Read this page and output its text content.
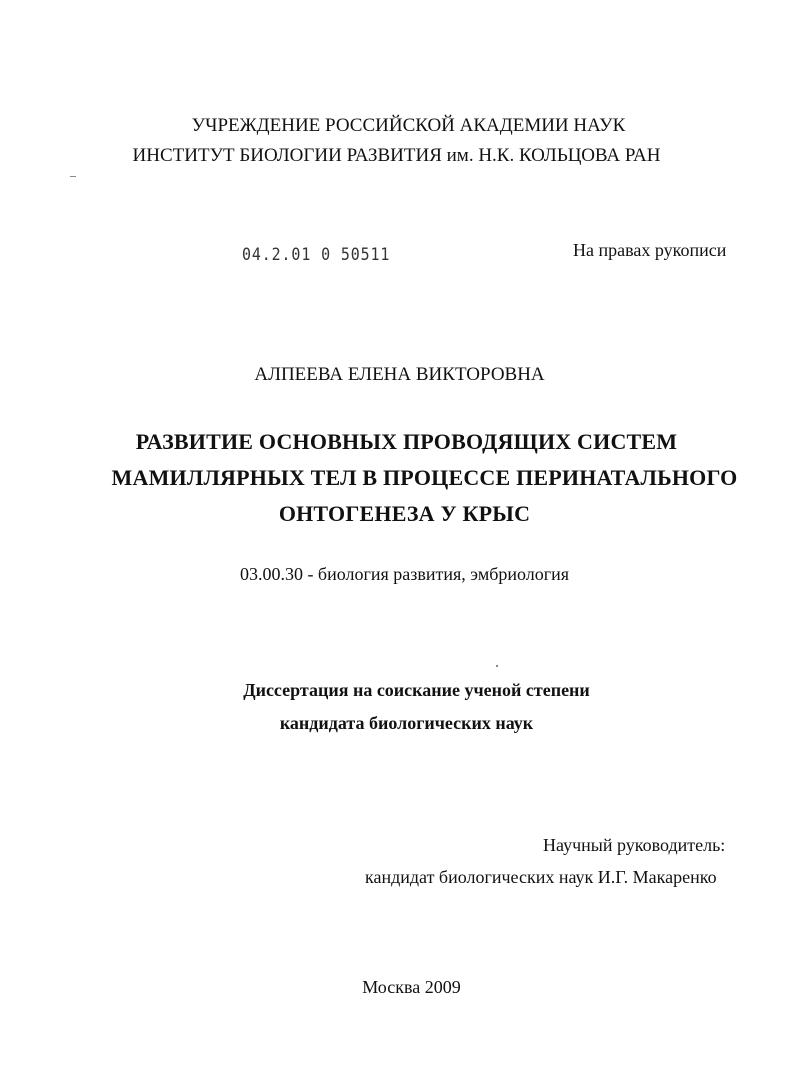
УЧРЕЖДЕНИЕ РОССИЙСКОЙ АКАДЕМИИ НАУК
ИНСТИТУТ БИОЛОГИИ РАЗВИТИЯ им. Н.К. КОЛЬЦОВА РАН
04.2.01 0 50511	На правах рукописи
АЛПЕЕВА ЕЛЕНА ВИКТОРОВНА
РАЗВИТИЕ ОСНОВНЫХ ПРОВОДЯЩИХ СИСТЕМ
МАМИЛЛЯРНЫХ ТЕЛ В ПРОЦЕССЕ ПЕРИНАТАЛЬНОГО
ОНТОГЕНЕЗА У КРЫС
03.00.30 - биология развития, эмбриология
Диссертация на соискание ученой степени
кандидата биологических наук
Научный руководитель:
кандидат биологических наук И.Г. Макаренко
Москва 2009
